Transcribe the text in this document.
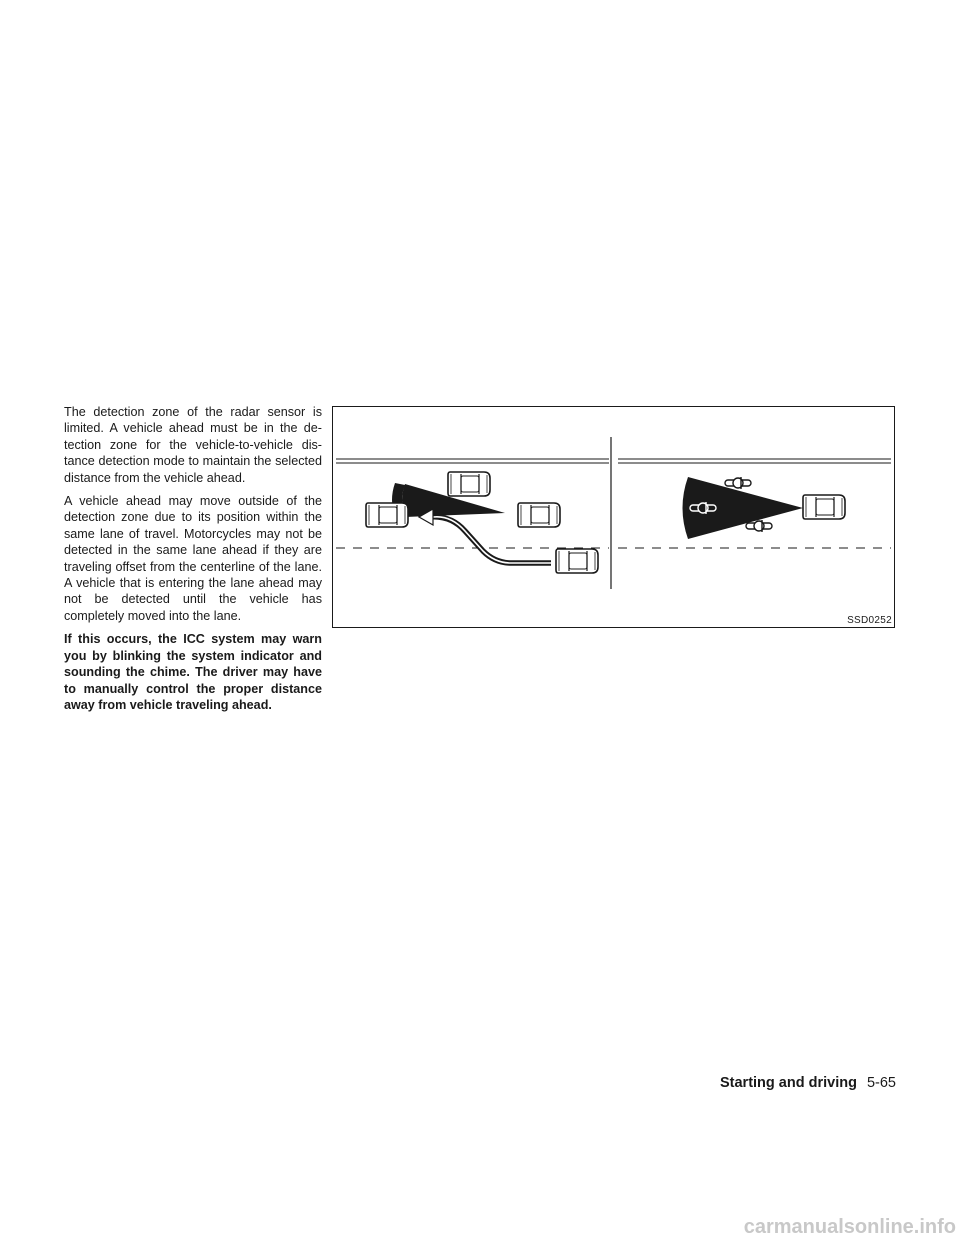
The detection zone of the radar sensor is limited. A vehicle ahead must be in the detection zone for the vehicle-to-vehicle distance detection mode to maintain the selected distance from the vehicle ahead.

A vehicle ahead may move outside of the detection zone due to its position within the same lane of travel. Motorcycles may not be detected in the same lane ahead if they are traveling offset from the centerline of the lane. A vehicle that is entering the lane ahead may not be detected until the vehicle has completely moved into the lane.

If this occurs, the ICC system may warn you by blinking the system indicator and sounding the chime. The driver may have to manually control the proper distance away from vehicle traveling ahead.

SSD0252
Starting and driving 5-65
carmanualsonline.info
